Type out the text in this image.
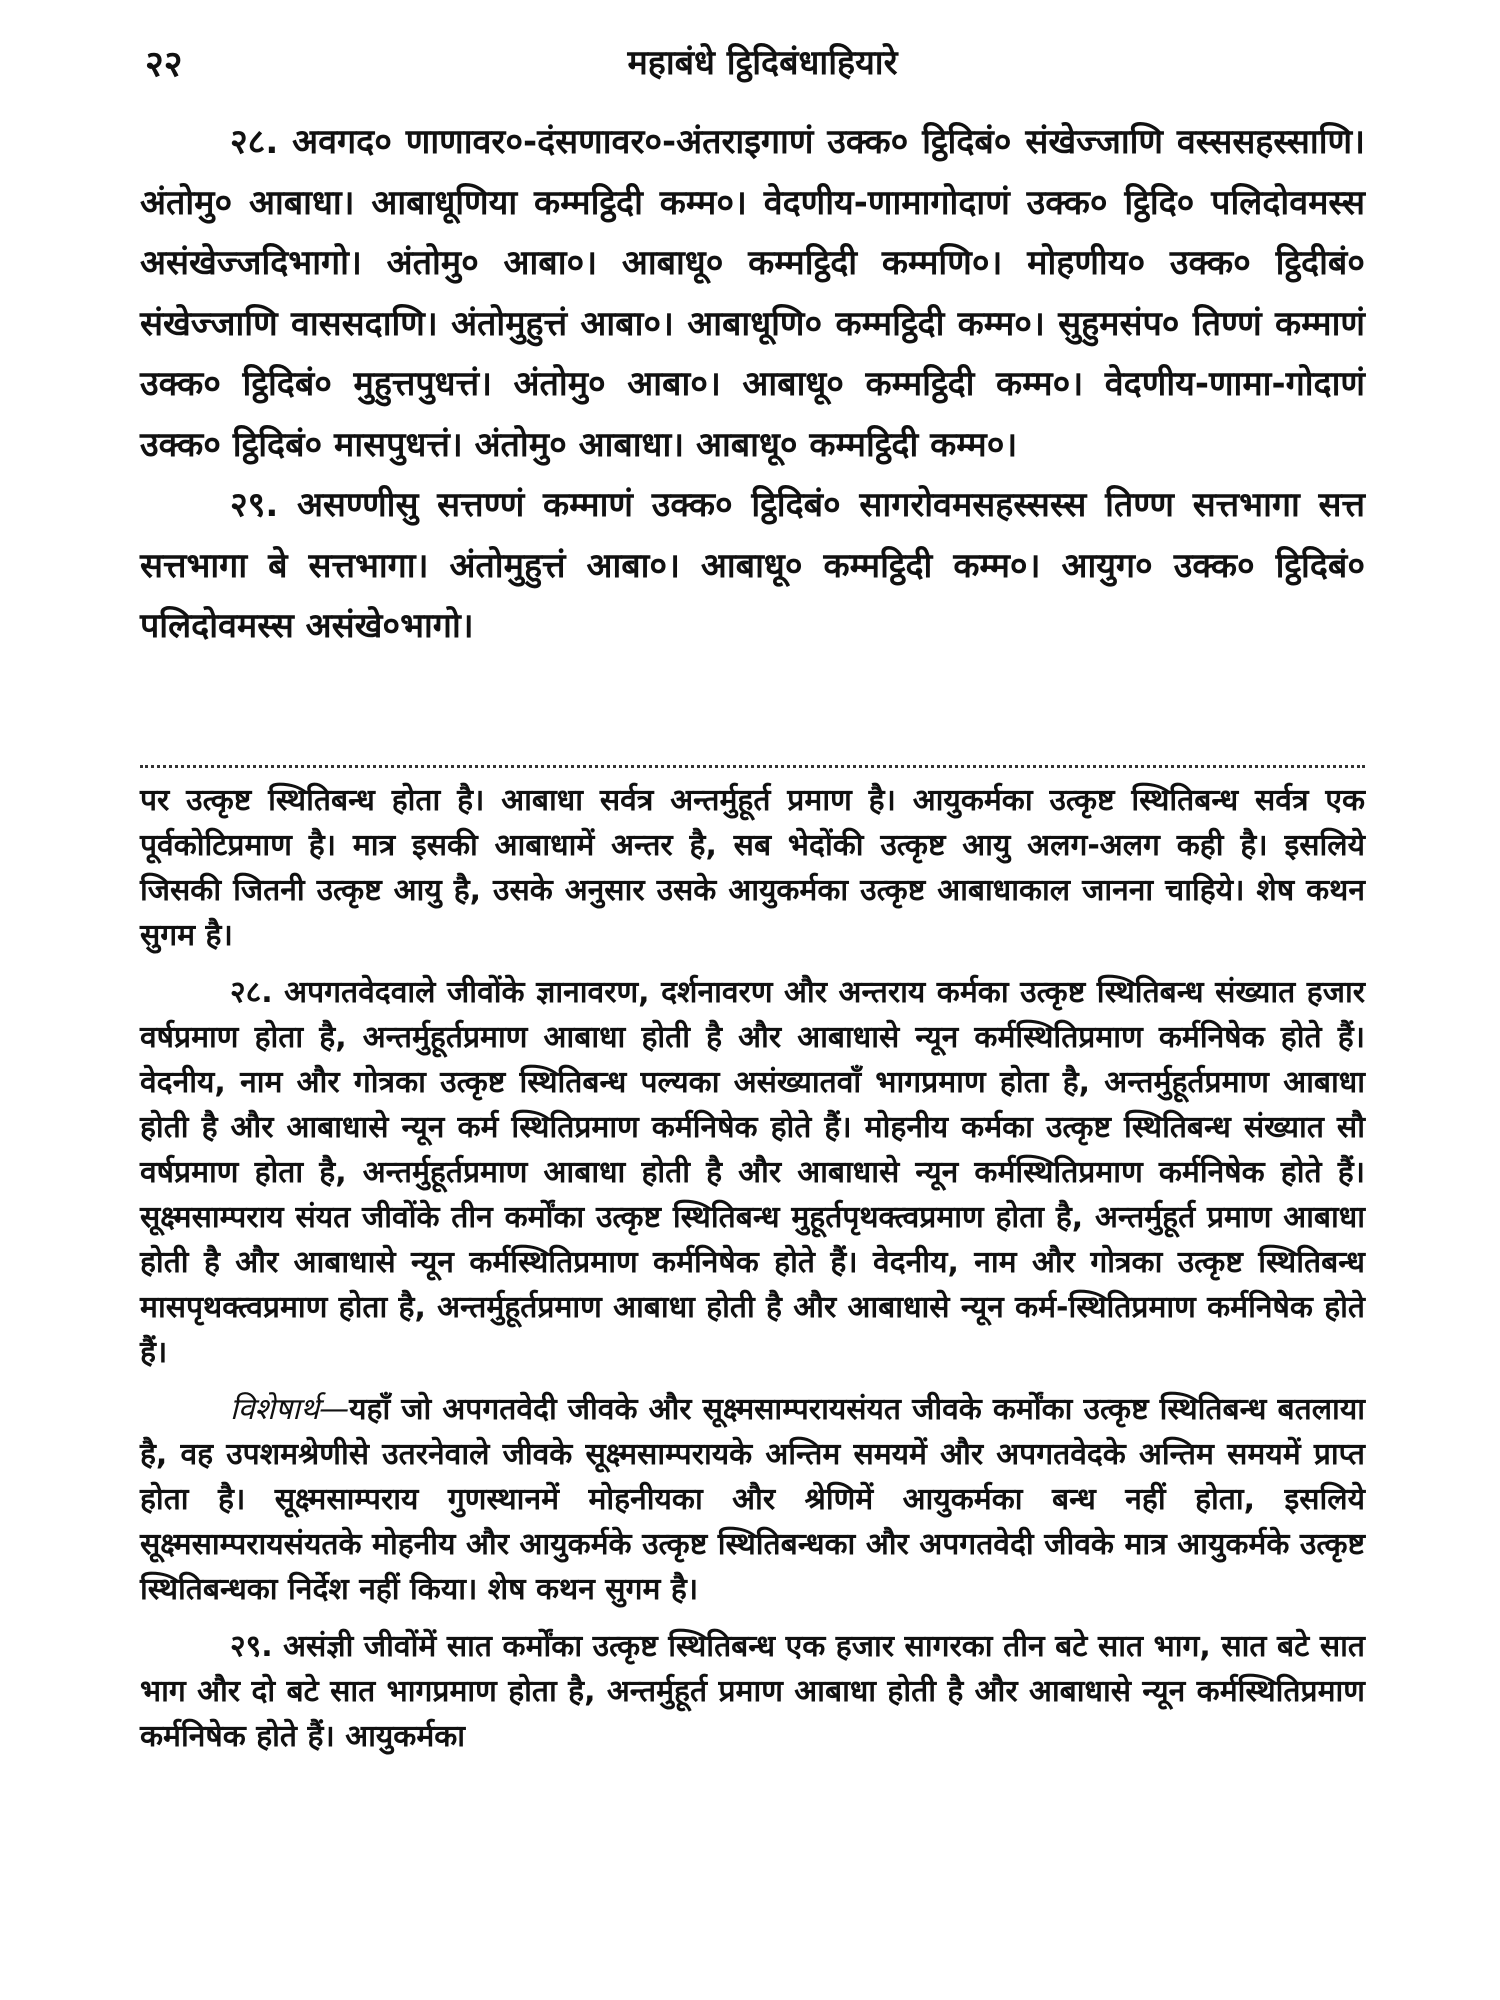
२२	महाबंधे ट्ठिदिबंधाहियारे

२८. अवगद० णाणावर०-दंसणावर०-अंतराइगाणं उक्क० ट्ठिदिबं० संखेज्जाणि वस्ससहस्साणि। अंतोमु० आबाधा। आबाधूणिया कम्मट्ठिदी कम्म०। वेदणीय-णामागोदाणं उक्क० ट्ठिदि० पलिदोवमस्स असंखेज्जदिभागो। अंतोमु० आबा०। आबाधू० कम्मट्ठिदी कम्मणि०। मोहणीय० उक्क० ट्ठिदीबं० संखेज्जाणि वाससदाणि। अंतोमुहुत्तं आबा०। आबाधूणि० कम्मट्ठिदी कम्म०। सुहुमसंप० तिण्णं कम्माणं उक्क० ट्ठिदिबं० मुहुत्तपुधत्तं। अंतोमु० आबा०। आबाधू० कम्मट्ठिदी कम्म०। वेदणीय-णामा-गोदाणं उक्क० ट्ठिदिबं० मासपुधत्तं। अंतोमु० आबाधा। आबाधू० कम्मट्ठिदी कम्म०।

२९. असण्णीसु सत्तण्णं कम्माणं उक्क० ट्ठिदिबं० सागरोवमसहस्सस्स तिण्ण सत्तभागा सत्त सत्तभागा बे सत्तभागा। अंतोमुहुत्तं आबा०। आबाधू० कम्मट्ठिदी कम्म०। आयुग० उक्क० ट्ठिदिबं० पलिदोवमस्स असंखे०भागो।

पर उत्कृष्ट स्थितिबन्ध होता है। आबाधा सर्वत्र अन्तर्मुहूर्त प्रमाण है। आयुकर्मका उत्कृष्ट स्थितिबन्ध सर्वत्र एक पूर्वकोटिप्रमाण है। मात्र इसकी आबाधामें अन्तर है, सब भेदोंकी उत्कृष्ट आयु अलग-अलग कही है। इसलिये जिसकी जितनी उत्कृष्ट आयु है, उसके अनुसार उसके आयुकर्मका उत्कृष्ट आबाधाकाल जानना चाहिये। शेष कथन सुगम है।

२८. अपगतवेदवाले जीवोंके ज्ञानावरण, दर्शनावरण और अन्तराय कर्मका उत्कृष्ट स्थितिबन्ध संख्यात हजार वर्षप्रमाण होता है, अन्तर्मुहूर्तप्रमाण आबाधा होती है और आबाधासे न्यून कर्मस्थितिप्रमाण कर्मनिषेक होते हैं। वेदनीय, नाम और गोत्रका उत्कृष्ट स्थितिबन्ध पल्यका असंख्यातवाँ भागप्रमाण होता है, अन्तर्मुहूर्तप्रमाण आबाधा होती है और आबाधासे न्यून कर्म स्थितिप्रमाण कर्मनिषेक होते हैं। मोहनीय कर्मका उत्कृष्ट स्थितिबन्ध संख्यात सौ वर्षप्रमाण होता है, अन्तर्मुहूर्तप्रमाण आबाधा होती है और आबाधासे न्यून कर्मस्थितिप्रमाण कर्मनिषेक होते हैं। सूक्ष्मसाम्पराय संयत जीवोंके तीन कर्मोंका उत्कृष्ट स्थितिबन्ध मुहूर्तपृथक्त्वप्रमाण होता है, अन्तर्मुहूर्त प्रमाण आबाधा होती है और आबाधासे न्यून कर्मस्थितिप्रमाण कर्मनिषेक होते हैं। वेदनीय, नाम और गोत्रका उत्कृष्ट स्थितिबन्ध मासपृथक्त्वप्रमाण होता है, अन्तर्मुहूर्तप्रमाण आबाधा होती है और आबाधासे न्यून कर्म-स्थितिप्रमाण कर्मनिषेक होते हैं।

विशेषार्थ—यहाँ जो अपगतवेदी जीवके और सूक्ष्मसाम्परायसंयत जीवके कर्मोंका उत्कृष्ट स्थितिबन्ध बतलाया है, वह उपशमश्रेणीसे उतरनेवाले जीवके सूक्ष्मसाम्परायके अन्तिम समयमें और अपगतवेदके अन्तिम समयमें प्राप्त होता है। सूक्ष्मसाम्पराय गुणस्थानमें मोहनीयका और श्रेणिमें आयुकर्मका बन्ध नहीं होता, इसलिये सूक्ष्मसाम्परायसंयतके मोहनीय और आयुकर्मके उत्कृष्ट स्थितिबन्धका और अपगतवेदी जीवके मात्र आयुकर्मके उत्कृष्ट स्थितिबन्धका निर्देश नहीं किया। शेष कथन सुगम है।

२९. असंज्ञी जीवोंमें सात कर्मोंका उत्कृष्ट स्थितिबन्ध एक हजार सागरका तीन बटे सात भाग, सात बटे सात भाग और दो बटे सात भागप्रमाण होता है, अन्तर्मुहूर्त प्रमाण आबाधा होती है और आबाधासे न्यून कर्मस्थितिप्रमाण कर्मनिषेक होते हैं। आयुकर्मका
